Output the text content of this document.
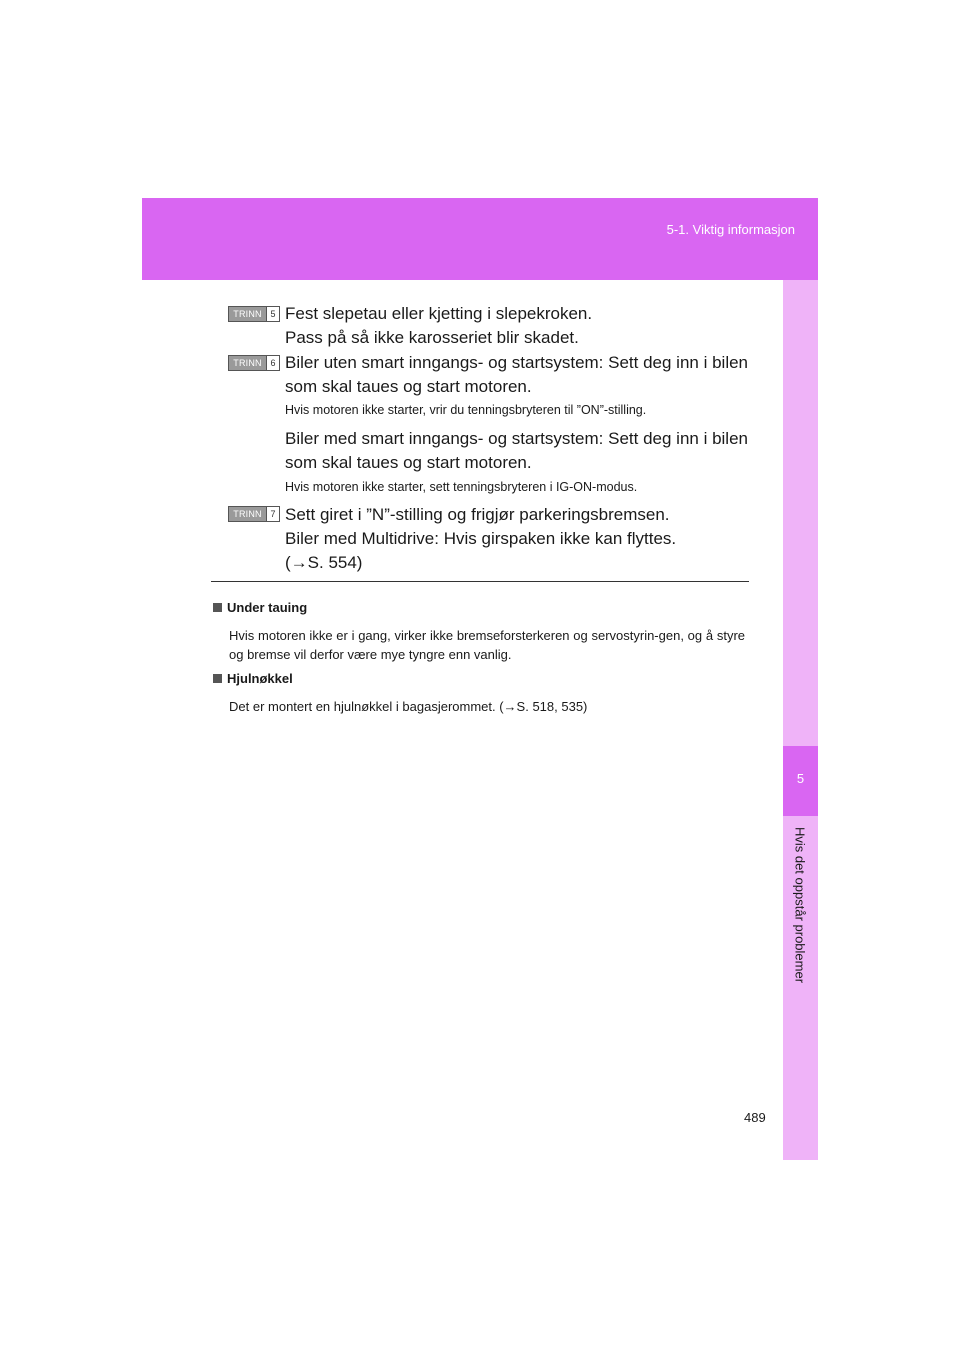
5-1. Viktig informasjon
5
Hvis det oppstår problemer
TRINN 5 Fest slepetau eller kjetting i slepekroken.
Pass på så ikke karosseriet blir skadet.
TRINN 6 Biler uten smart inngangs- og startsystem: Sett deg inn i bilen
som skal taues og start motoren.
Hvis motoren ikke starter, vrir du tenningsbryteren til ”ON”-stilling.
Biler med smart inngangs- og startsystem: Sett deg inn i bilen
som skal taues og start motoren.
Hvis motoren ikke starter, sett tenningsbryteren i IG-ON-modus.
TRINN 7 Sett giret i ”N”-stilling og frigjør parkeringsbremsen.
Biler med Multidrive: Hvis girspaken ikke kan flyttes.
(→S. 554)
Under tauing
Hvis motoren ikke er i gang, virker ikke bremseforsterkeren og servostyrin-gen, og å styre og bremse vil derfor være mye tyngre enn vanlig.
Hjulnøkkel
Det er montert en hjulnøkkel i bagasjerommet. (→S. 518, 535)
489
